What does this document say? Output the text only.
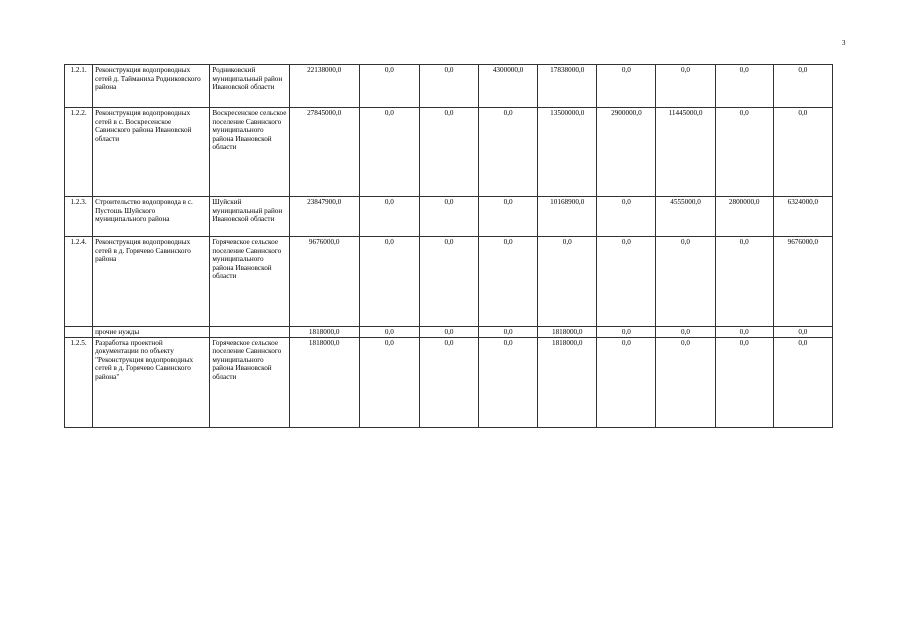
3
1.2.1.	Реконструкция водопроводных сетей д. Тайманиха Родниковского района	Родниковский муниципальный район Ивановской области	22138000,0	0,0	0,0	4300000,0	17838000,0	0,0	0,0	0,0	0,0
1.2.2.	Реконструкция водопроводных сетей в с. Воскресенское Савинского района Ивановской области	Воскресенское сельское поселение Савинского муниципального района Ивановской области	27845000,0	0,0	0,0	0,0	13500000,0	2900000,0	11445000,0	0,0	0,0
1.2.3.	Строительство водопровода в с. Пустошь Шуйского муниципального района	Шуйский муниципальный район Ивановской области	23847900,0	0,0	0,0	0,0	10168900,0	0,0	4555000,0	2800000,0	6324000,0
1.2.4.	Реконструкция водопроводных сетей в д. Горячево Савинского района	Горячевское сельское поселение Савинского муниципального района Ивановской области	9676000,0	0,0	0,0	0,0	0,0	0,0	0,0	0,0	9676000,0
	прочие нужды		1818000,0	0,0	0,0	0,0	1818000,0	0,0	0,0	0,0	0,0
1.2.5.	Разработка проектной документации по объекту "Реконструкция водопроводных сетей в д. Горячево Савинского района"	Горячевское сельское поселение Савинского муниципального района Ивановской области	1818000,0	0,0	0,0	0,0	1818000,0	0,0	0,0	0,0	0,0
